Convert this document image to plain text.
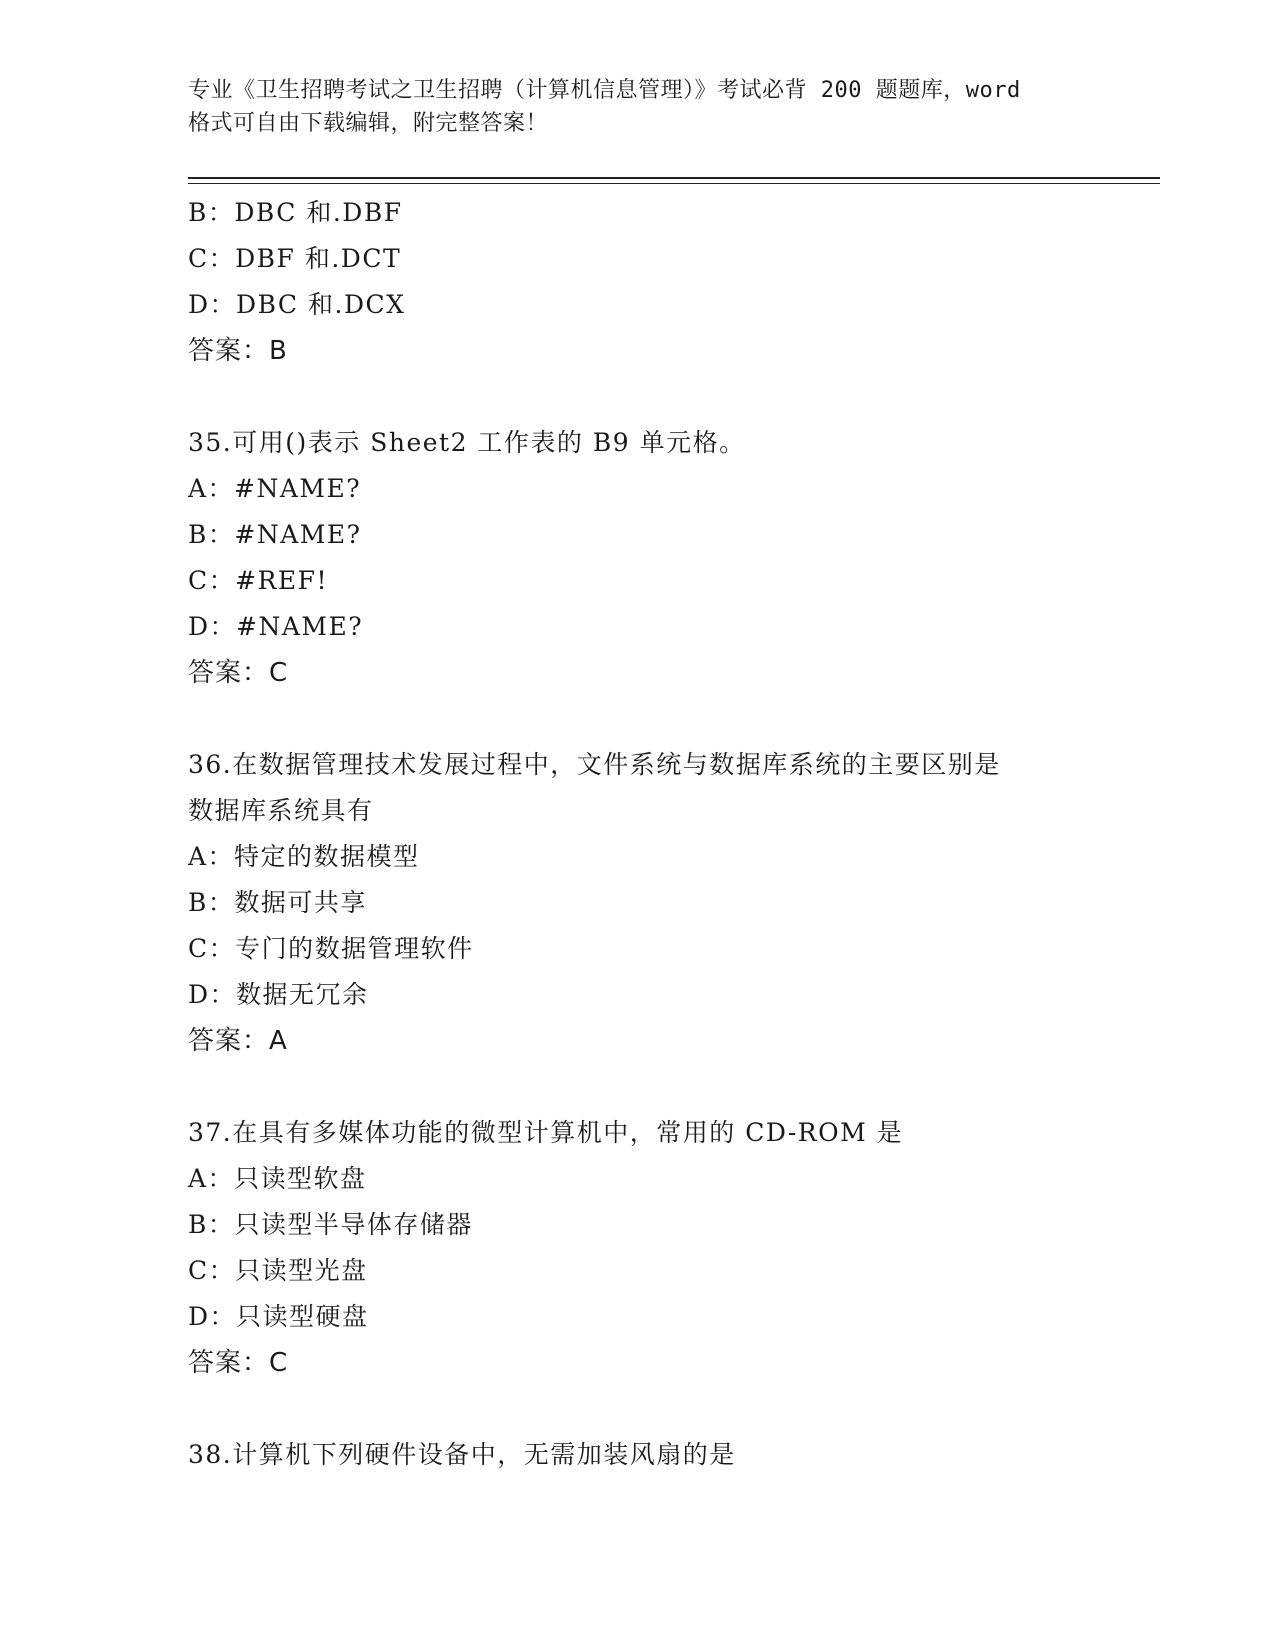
专业《卫生招聘考试之卫生招聘（计算机信息管理）》考试必背 200 题题库，word
格式可自由下载编辑，附完整答案！
B：DBC 和.DBF
C：DBF 和.DCT
D：DBC 和.DCX
答案：B
35.可用()表示 Sheet2 工作表的 B9 单元格。
A：#NAME?
B：#NAME?
C：#REF!
D：#NAME?
答案：C
36.在数据管理技术发展过程中，文件系统与数据库系统的主要区别是
数据库系统具有
A：特定的数据模型
B：数据可共享
C：专门的数据管理软件
D：数据无冗余
答案：A
37.在具有多媒体功能的微型计算机中，常用的 CD-ROM 是
A：只读型软盘
B：只读型半导体存储器
C：只读型光盘
D：只读型硬盘
答案：C
38.计算机下列硬件设备中，无需加装风扇的是
